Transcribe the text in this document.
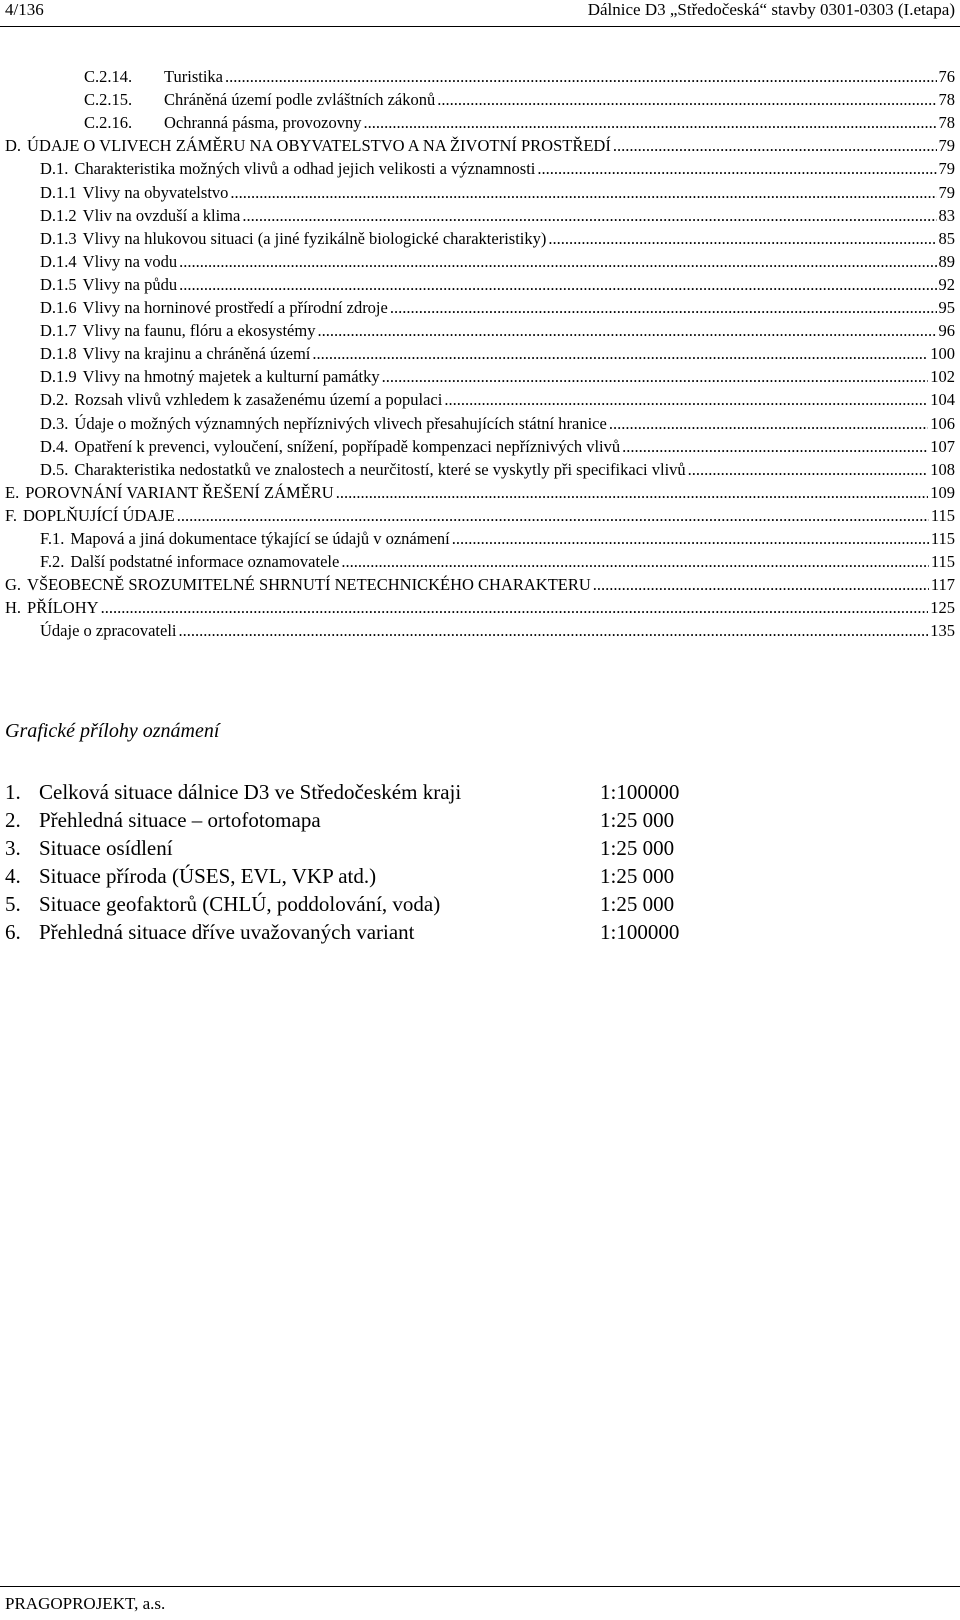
4/136	Dálnice D3 „Středočeská“ stavby 0301-0303 (I.etapa)
C.2.14.	Turistika .....	76
C.2.15.	Chráněná území podle zvláštních zákonů .....	78
C.2.16.	Ochranná pásma, provozovny .....	78
D. ÚDAJE O VLIVECH ZÁMĚRU NA OBYVATELSTVO A NA ŽIVOTNÍ PROSTŘEDÍ .....	79
D.1. Charakteristika možných vlivů a odhad jejich velikosti a významnosti .....	79
D.1.1 Vlivy na obyvatelstvo .....	79
D.1.2 Vliv na ovzduší a klima .....	83
D.1.3 Vlivy na hlukovou situaci (a jiné fyzikálně biologické charakteristiky) .....	85
D.1.4 Vlivy na vodu .....	89
D.1.5 Vlivy na půdu .....	92
D.1.6 Vlivy na horninové prostředí a přírodní zdroje .....	95
D.1.7 Vlivy na faunu, flóru a ekosystémy .....	96
D.1.8 Vlivy na krajinu a chráněná území .....	100
D.1.9 Vlivy na hmotný majetek a kulturní památky .....	102
D.2. Rozsah vlivů vzhledem k zasaženému území a populaci .....	104
D.3. Údaje o možných významných nepříznivých vlivech přesahujících státní hranice .....	106
D.4. Opatření k prevenci, vyloučení, snížení, popřípadě kompenzaci nepříznivých vlivů .....	107
D.5. Charakteristika nedostatků ve znalostech a neurčitostí, které se vyskytly při specifikaci vlivů .....	108
E. POROVNÁNÍ VARIANT ŘEŠENÍ ZÁMĚRU .....	109
F. DOPLŇUJÍCÍ ÚDAJE .....	115
F.1. Mapová a jiná dokumentace týkající se údajů v oznámení .....	115
F.2. Další podstatné informace oznamovatele .....	115
G. VŠEOBECNĚ SROZUMITELNÉ SHRNUTÍ NETECHNICKÉHO CHARAKTERU .....	117
H. PŘÍLOHY .....	125
Údaje o zpracovateli .....	135
Grafické přílohy oznámení
1. Celková situace dálnice D3 ve Středočeském kraji	1:100000
2. Přehledná situace – ortofotomapa	1:25 000
3. Situace osídlení	1:25 000
4. Situace příroda (ÚSES, EVL, VKP atd.)	1:25 000
5. Situace geofaktorů (CHLÚ, poddolování, voda)	1:25 000
6. Přehledná situace dříve uvažovaných variant	1:100000
PRAGOPROJEKT, a.s.
